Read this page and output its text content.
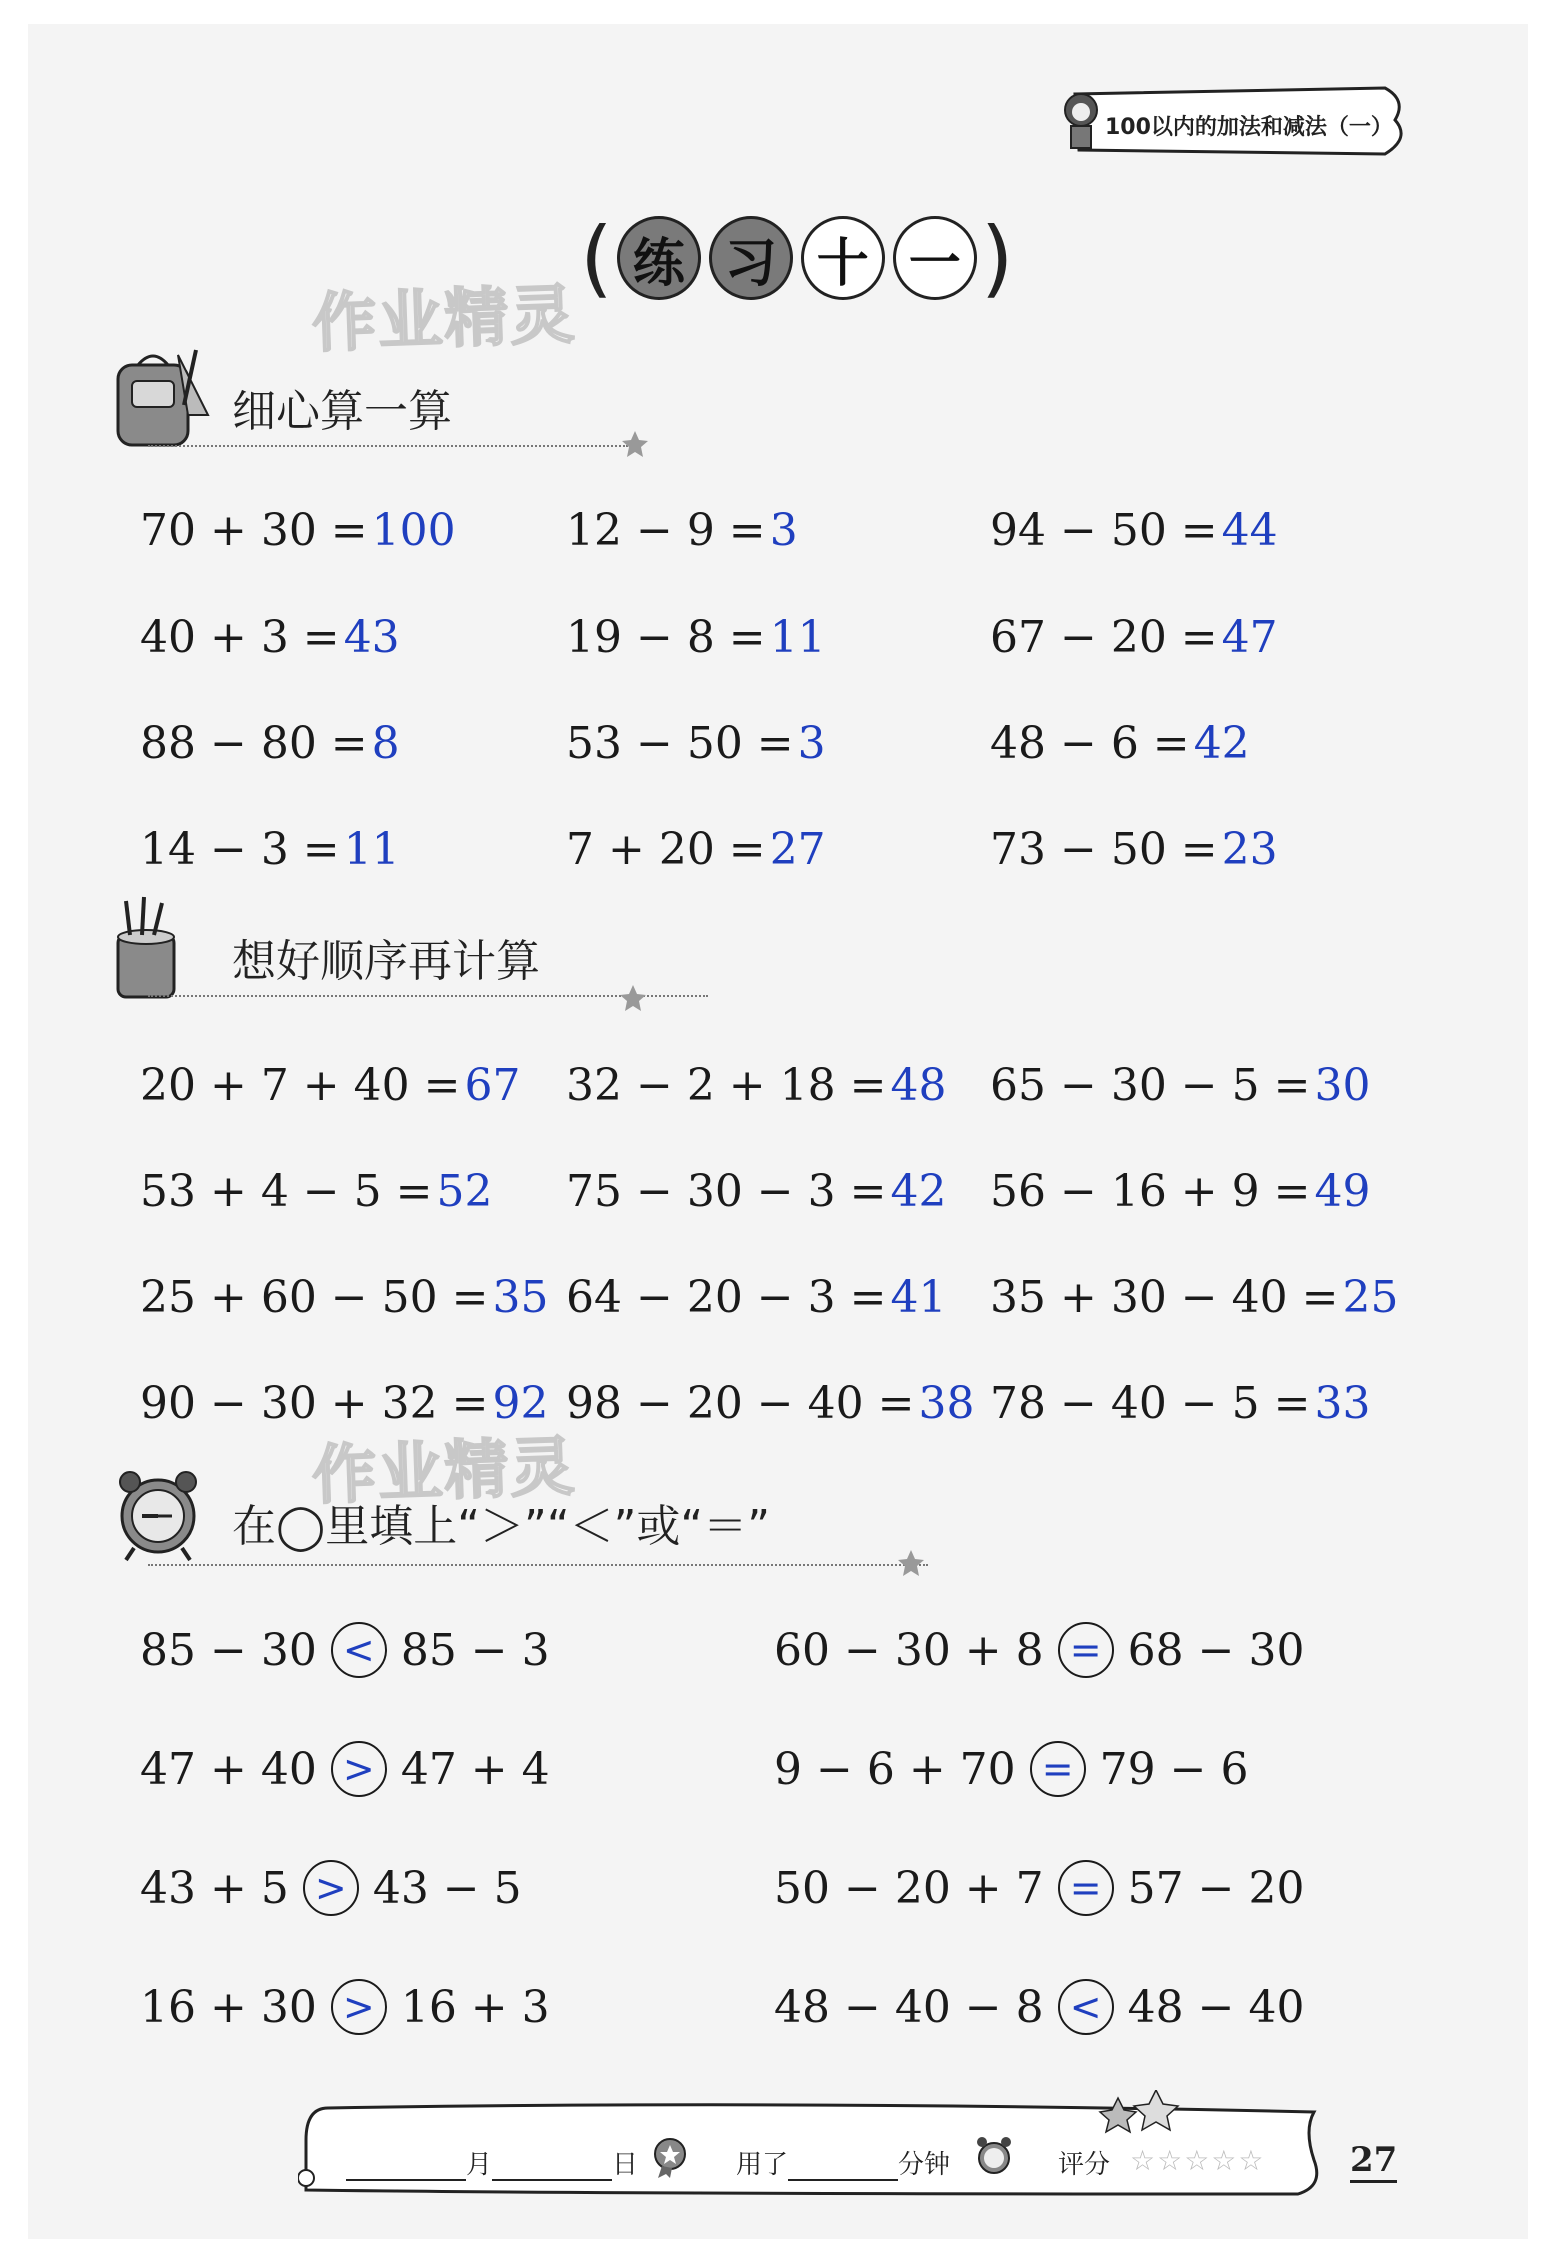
100以内的加法和减法（一）
( 练 习 十 一 )
作业精灵
作业精灵
细心算一算
70 + 30 =100	12 − 9 =3	94 − 50 =44
40 + 3 =43	19 − 8 =11	67 − 20 =47
88 − 80 =8	53 − 50 =3	48 − 6 =42
14 − 3 =11	7 + 20 =27	73 − 50 =23
想好顺序再计算
20 + 7 + 40 =67 32 − 2 + 18 =48 65 − 30 − 5 =30
53 + 4 − 5 =52 75 − 30 − 3 =42 56 − 16 + 9 =49
25 + 60 − 50 =35 64 − 20 − 3 =41 35 + 30 − 40 =25
90 − 30 + 32 =92 98 − 20 − 40 =38 78 − 40 − 5 =33
在◯里填上“＞”“＜”或“＝”
85 − 30 < 85 − 3	60 − 30 + 8 = 68 − 30
47 + 40 > 47 + 4	9 − 6 + 70 = 79 − 6
43 + 5 > 43 − 5	50 − 20 + 7 = 57 − 20
16 + 30 > 16 + 3	48 − 40 − 8 < 48 − 40
月	日	用了	分钟	评分 ☆☆☆☆☆ 27
